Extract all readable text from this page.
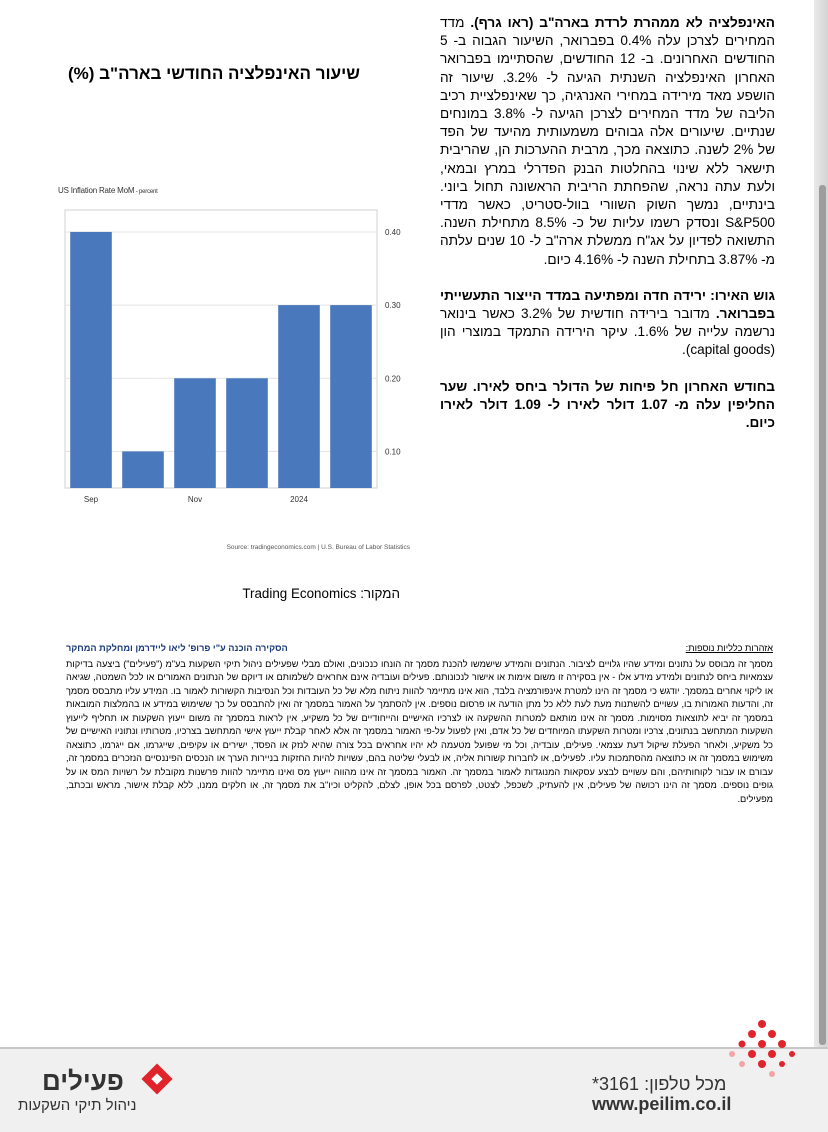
האינפלציה לא ממהרת לרדת בארה"ב (ראו גרף). מדד המחירים לצרכן עלה 0.4% בפברואר, השיעור הגבוה ב- 5 החודשים האחרונים. ב- 12 החודשים, שהסתיימו בפברואר האחרון האינפלציה השנתית הגיעה ל- 3.2%. שיעור זה הושפע מאד מירידה במחירי האנרגיה, כך שאינפלציית רכיב הליבה של מדד המחירים לצרכן הגיעה ל- 3.8% במונחים שנתיים. שיעורים אלה גבוהים משמעותית מהיעד של הפד של 2% לשנה. כתוצאה מכך, מרבית ההערכות הן, שהריבית תישאר ללא שינוי בהחלטות הבנק הפדרלי במרץ ובמאי, ולעת עתה נראה, שהפחתת הריבית הראשונה תחול ביוני. בינתיים, נמשך השוק השוורי בוול-סטריט, כאשר מדדי S&P500 ונסדק רשמו עליות של כ- 8.5% מתחילת השנה. התשואה לפדיון על אג"ח ממשלת ארה"ב ל- 10 שנים עלתה מ- 3.87% בתחילת השנה ל- 4.16% כיום.

גוש האירו: ירידה חדה ומפתיעה במדד הייצור התעשייתי בפברואר. מדובר בירידה חודשית של 3.2% כאשר בינואר נרשמה עלייה של 1.6%. עיקר הירידה התמקד במוצרי הון (capital goods).

בחודש האחרון חל פיחות של הדולר ביחס לאירו. שער החליפין עלה מ- 1.07 דולר לאירו ל- 1.09 דולר לאירו כיום.

שיעור האינפלציה החודשי בארה"ב (%)
US Inflation Rate MoM - percent
0.10
0.20
0.30
0.40
Sep	Nov	2024
Source: tradingeconomics.com | U.S. Bureau of Labor Statistics
המקור: Trading Economics
אזהרות כלליות נוספות:
הסקירה הוכנה ע"י פרופ' ליאו ליידרמן ומחלקת המחקר
מסמך זה מבוסס על נתונים ומידע שהיו גלויים לציבור. הנתונים והמידע שישמשו להכנת מסמך זה הונחו כנכונים, ואולם מבלי שפעילים ניהול תיקי השקעות בע"מ ("פעילים") ביצעה בדיקות עצמאיות ביחס לנתונים ולמידע מידע אלו - אין בסקירה זו משום אימות או אישור לנכונותם. פעילים ועובדיה אינם אחראים לשלמותם או דיוקם של הנתונים האמורים או לכל השמטה, שגיאה או ליקוי אחרים במסמך. יודגש כי מסמך זה הינו למטרת אינפורמציה בלבד, הוא אינו מתיימר להוות ניתוח מלא של כל העובדות וכל הנסיבות הקשורות לאמור בו. המידע עליו מתבסס מסמך זה, והדעות האמורות בו, עשויים להשתנות מעת לעת ללא כל מתן הודעה או פרסום נוספים. אין להסתמך על האמור במסמך זה ואין להתבסס על כך ששימוש במידע או בהמלצות המובאות במסמך זה יביא לתוצאות מסוימות. מסמך זה אינו מותאם למטרות ההשקעה או לצרכיו האישיים והייחודיים של כל משקיע, אין לראות במסמך זה משום ייעוץ השקעות או תחליף לייעוץ השקעות המתחשב בנתונים, צרכיו ומטרות השקעתו המיוחדים של כל אדם, ואין לפעול על-פי האמור במסמך זה אלא לאחר קבלת ייעוץ אישי המתחשב בצרכיו, מטרותיו ונתוניו האישיים של כל משקיע, ולאחר הפעלת שיקול דעת עצמאי. פעילים, עובדיה, וכל מי שפועל מטעמה לא יהיו אחראים בכל צורה שהיא לנזק או הפסד, ישירים או עקיפים, שייגרמו, אם ייגרמו, כתוצאה משימוש במסמך זה או כתוצאה מהסתמכות עליו. לפעילים, או לחברות קשורות אליה, או לבעלי שליטה בהם, עשויות להיות החזקות בניירות הערך או הנכסים הפיננסיים הנזכרים במסמך זה, עבורם או עבור לקוחותיהם, והם עשויים לבצע עסקאות המנוגדות לאמור במסמך זה. האמור במסמך זה אינו מהווה ייעוץ מס ואינו מתיימר להוות פרשנות מקובלת על רשויות המס או על גופים נוספים. מסמך זה הינו רכושה של פעילים, אין להעתיק, לשכפל, לצטט, לפרסם בכל אופן, לצלם, להקליט וכיו"ב את מסמך זה, או חלקים ממנו, ללא קבלת אישור, מראש ובכתב, מפעילים.
פעילים
ניהול תיקי השקעות
מכל טלפון: 3161*
www.peilim.co.il
